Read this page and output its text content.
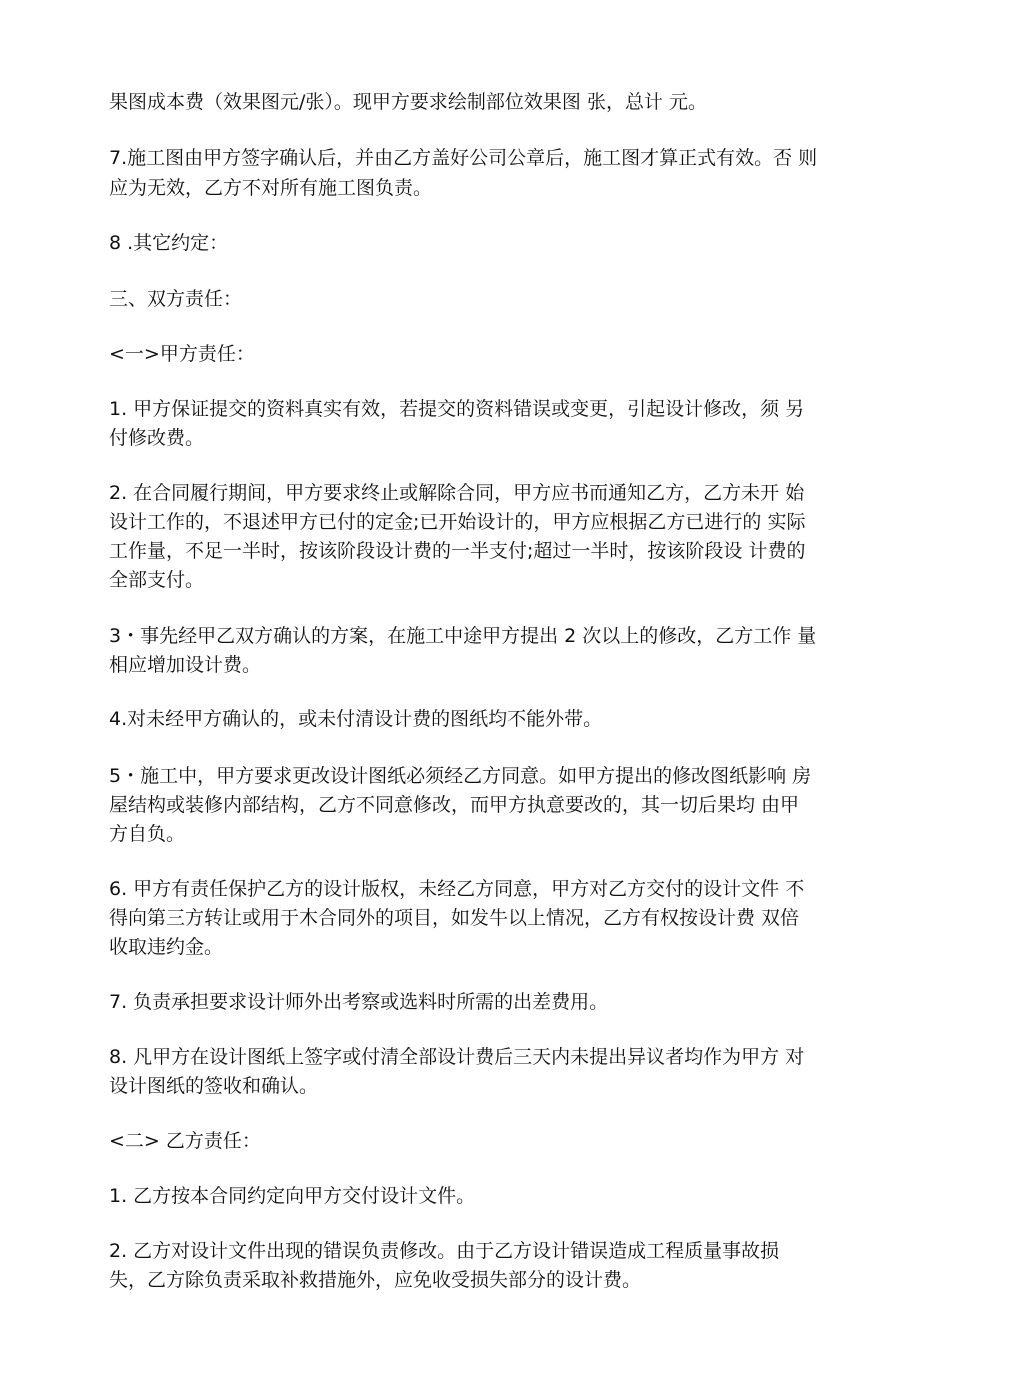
果图成本费（效果图元/张）。现甲方要求绘制部位效果图 张，总计 元。

7.施工图由甲方签字确认后，并由乙方盖好公司公章后，施工图才算正式有效。否 则

应为无效，乙方不对所有施工图负责。

8 .其它约定：

三、双方责任：

<一>甲方责任：

1. 甲方保证提交的资料真实有效，若提交的资料错误或变更，引起设计修改，须 另

付修改费。

2. 在合同履行期间，甲方要求终止或解除合同，甲方应书而通知乙方，乙方未开 始

设计工作的，不退述甲方已付的定金;已开始设计的，甲方应根据乙方已进行的 实际

工作量，不足一半时，按该阶段设计费的一半支付;超过一半时，按该阶段设 计费的

全部支付。

3・事先经甲乙双方确认的方案，在施工中途甲方提出 2 次以上的修改，乙方工作 量

相应增加设计费。

4.对未经甲方确认的，或未付清设计费的图纸均不能外带。

5・施工中，甲方要求更改设计图纸必须经乙方同意。如甲方提出的修改图纸影响 房

屋结构或装修内部结构，乙方不同意修改，而甲方执意要改的，其一切后果均 由甲

方自负。

6. 甲方有责任保护乙方的设计版权，未经乙方同意，甲方对乙方交付的设计文件 不

得向第三方转让或用于木合同外的项目，如发牛以上情况，乙方有权按设计费 双倍

收取违约金。

7. 负责承担要求设计师外出考察或选料时所需的出差费用。

8. 凡甲方在设计图纸上签字或付清全部设计费后三天内未提出异议者均作为甲方 对

设计图纸的签收和确认。

<二> 乙方责任：

1. 乙方按本合同约定向甲方交付设计文件。

2. 乙方对设计文件出现的错误负责修改。由于乙方设计错误造成工程质量事故损

失，乙方除负责采取补救措施外，应免收受损失部分的设计费。
